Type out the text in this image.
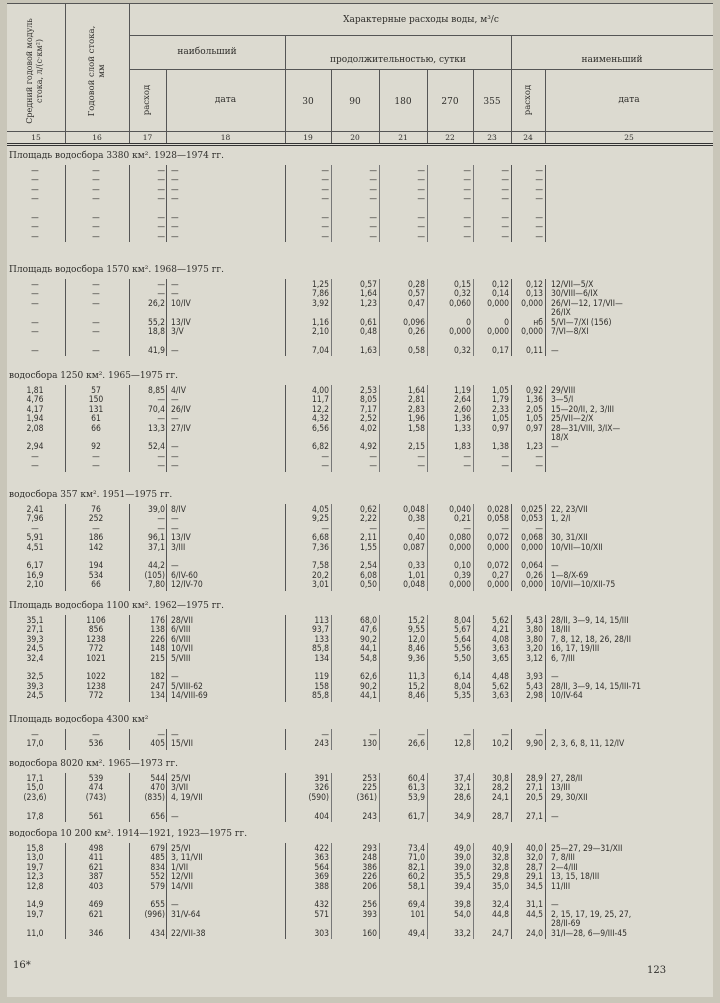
Средний годовой модуль стока, л/(с·км²)	Годовой слой стока, мм
Характерные расходы воды, м³/с
наибольший
продолжительностью, сутки	наименьший
расход	дата	30	90	180	270	355	расход	дата
15	16	17	18	19	20	21	22	23	24	25
Площадь водосбора 3380 км². 1928—1974 гг.
—	—	— —	—	—	—	—	—	—
—	—	— —	—	—	—	—	—	—
—	—	— —	—	—	—	—	—	—
—	—	— —	—	—	—	—	—	—
—	—	— —	—	—	—	—	—	—
—	—	— —	—	—	—	—	—	—
—	—	— —	—	—	—	—	—	—
Площадь водосбора 1570 км². 1968—1975 гг.
—	—	— —	1,25	0,57	0,28	0,15	0,12	0,12 12/VII—5/X
—	—	— —	7,86	1,64	0,57	0,32	0,14	0,13 30/VIII—6/IX
—	—	26,2 10/IV	3,92	1,23	0,47	0,060	0,000	0,000 26/VI—12, 17/VII—
26/IX
—	—	55,2 13/IV	1,16	0,61	0,096	0	0	нб 5/VI—7/XI (156)
—	—	18,8 3/V	2,10	0,48	0,26	0,000	0,000	0,000 7/VI—8/XI
—	—	41,9 —	7,04	1,63	0,58	0,32	0,17	0,11 —
водосбора 1250 км². 1965—1975 гг.
1,81	57	8,85 4/IV	4,00	2,53	1,64	1,19	1,05	0,92 29/VIII
4,76	150	— —	11,7	8,05	2,81	2,64	1,79	1,36 3—5/I
4,17	131	70,4 26/IV	12,2	7,17	2,83	2,60	2,33	2,05 15—20/II, 2, 3/III
1,94	61	— —	4,32	2,52	1,96	1,36	1,05	1,05 25/VII—2/X
2,08	66	13,3 27/IV	6,56	4,02	1,58	1,33	0,97	0,97 28—31/VIII, 3/IX—
18/X
2,94	92	52,4 —	6,82	4,92	2,15	1,83	1,38	1,23 —
—	—	— —	—	—	—	—	—	—
—	—	— —	—	—	—	—	—	—
водосбора 357 км². 1951—1975 гг.
2,41	76	39,0 8/IV	4,05	0,62	0,048	0,040	0,028	0,025 22, 23/VII
7,96	252	— —	9,25	2,22	0,38	0,21	0,058	0,053 1, 2/I
—	—	— —	—	—	—	—	—	—
5,91	186	96,1 13/IV	6,68	2,11	0,40	0,080	0,072	0,068 30, 31/XII
4,51	142	37,1 3/III	7,36	1,55	0,087	0,000	0,000	0,000 10/VII—10/XII
6,17	194	44,2 —	7,58	2,54	0,33	0,10	0,072	0,064 —
16,9	534	(105) 6/IV-60	20,2	6,08	1,01	0,39	0,27	0,26 1—8/X-69
2,10	66	7,80 12/IV-70	3,01	0,50	0,048	0,000	0,000	0,000 10/VII—10/XII-75
Площадь водосбора 1100 км². 1962—1975 гг.
35,1	1106	176 28/VII	113	68,0	15,2	8,04	5,62	5,43 28/II, 3—9, 14, 15/III
27,1	856	138 6/VIII	93,7	47,6	9,55	5,67	4,21	3,80 18/III
39,3	1238	226 6/VIII	133	90,2	12,0	5,64	4,08	3,80 7, 8, 12, 18, 26, 28/II
24,5	772	148 10/VII	85,8	44,1	8,46	5,56	3,63	3,20 16, 17, 19/III
32,4	1021	215 5/VIII	134	54,8	9,36	5,50	3,65	3,12 6, 7/III
32,5	1022	182 —	119	62,6	11,3	6,14	4,48	3,93 —
39,3	1238	247 5/VIII-62	158	90,2	15,2	8,04	5,62	5,43 28/II, 3—9, 14, 15/III-71
24,5	772	134 14/VIII-69	85,8	44,1	8,46	5,35	3,63	2,98 10/IV-64
Площадь водосбора 4300 км²
—	—	— —	—	—	—	—	—	—
17,0	536	405 15/VII	243	130	26,6	12,8	10,2	9,90 2, 3, 6, 8, 11, 12/IV
водосбора 8020 км². 1965—1973 гг.
17,1	539	544 25/VI	391	253	60,4	37,4	30,8	28,9 27, 28/II
15,0	474	470 3/VII	326	225	61,3	32,1	28,2	27,1 13/III
(23,6)	(743)	(835) 4, 19/VII	(590)	(361)	53,9	28,6	24,1	20,5 29, 30/XII
17,8	561	656 —	404	243	61,7	34,9	28,7	27,1 —
водосбора 10 200 км². 1914—1921, 1923—1975 гг.
15,8	498	679 25/VI	422	293	73,4	49,0	40,9	40,0 25—27, 29—31/XII
13,0	411	485 3, 11/VII	363	248	71,0	39,0	32,8	32,0 7, 8/III
19,7	621	834 1/VII	564	386	82,1	39,0	32,8	28,7 2—4/III
12,3	387	552 12/VII	369	226	60,2	35,5	29,8	29,1 13, 15, 18/III
12,8	403	579 14/VII	388	206	58,1	39,4	35,0	34,5 11/III
14,9	469	655 —	432	256	69,4	39,8	32,4	31,1 —
19,7	621	(996) 31/V-64	571	393	101	54,0	44,8	44,5 2, 15, 17, 19, 25, 27,
28/II-69
11,0	346	434 22/VII-38	303	160	49,4	33,2	24,7	24,0 31/I—28, 6—9/III-45
16*	123
